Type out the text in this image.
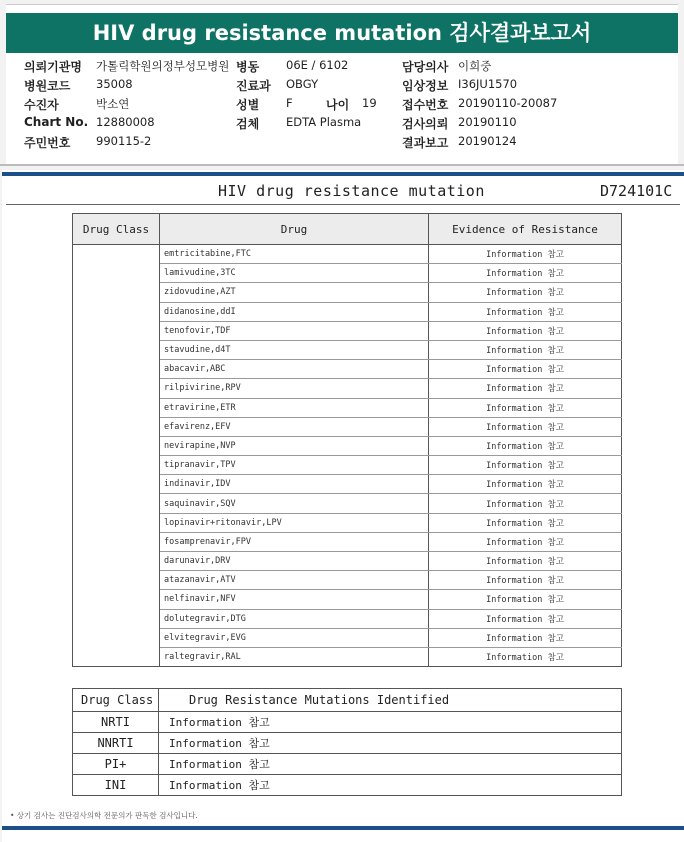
HIV drug resistance mutation 검사결과보고서
의뢰기관명 가톨릭학원의정부성모병원
병원코드 35008
수진자	박소연
Chart No. 12880008
주민번호 990115-2
병동 06E / 6102
진료과 OBGY
성별 F	나이 19
검체 EDTA Plasma
담당의사 이희중
임상정보 I36JU1570
접수번호 20190110-20087
검사의뢰 20190110
결과보고 20190124
HIV drug resistance mutation	D724101C
Drug Class	Drug	Evidence of Resistance
	emtricitabine,FTC	Information 참고
	lamivudine,3TC	Information 참고
	zidovudine,AZT	Information 참고
	didanosine,ddI	Information 참고
	tenofovir,TDF	Information 참고
	stavudine,d4T	Information 참고
	abacavir,ABC	Information 참고
	rilpivirine,RPV	Information 참고
	etravirine,ETR	Information 참고
	efavirenz,EFV	Information 참고
	nevirapine,NVP	Information 참고
	tipranavir,TPV	Information 참고
	indinavir,IDV	Information 참고
	saquinavir,SQV	Information 참고
	lopinavir+ritonavir,LPV	Information 참고
	fosamprenavir,FPV	Information 참고
	darunavir,DRV	Information 참고
	atazanavir,ATV	Information 참고
	nelfinavir,NFV	Information 참고
	dolutegravir,DTG	Information 참고
	elvitegravir,EVG	Information 참고
	raltegravir,RAL	Information 참고
Drug Class	Drug Resistance Mutations Identified
NRTI	Information 참고
NNRTI	Information 참고
PI+	Information 참고
INI	Information 참고
• 상기 검사는 진단검사의학 전문의가 판독한 검사입니다.
